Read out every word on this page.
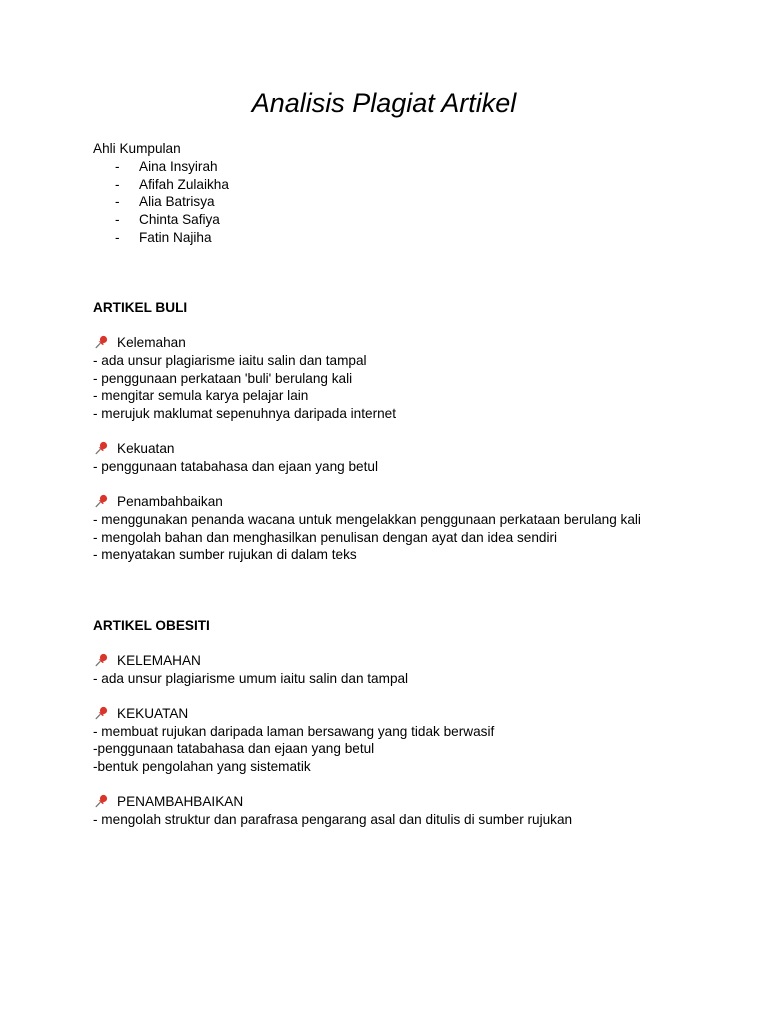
Analisis Plagiat Artikel
Ahli Kumpulan
- Aina Insyirah
- Afifah Zulaikha
- Alia Batrisya
- Chinta Safiya
- Fatin Najiha
ARTIKEL BULI
Kelemahan
- ada unsur plagiarisme iaitu salin dan tampal
- penggunaan perkataan 'buli' berulang kali
- mengitar semula karya pelajar lain
- merujuk maklumat sepenuhnya daripada internet
Kekuatan
- penggunaan tatabahasa dan ejaan yang betul
Penambahbaikan
- menggunakan penanda wacana untuk mengelakkan penggunaan perkataan berulang kali
- mengolah bahan dan menghasilkan penulisan dengan ayat dan idea sendiri
- menyatakan sumber rujukan di dalam teks
ARTIKEL OBESITI
KELEMAHAN
- ada unsur plagiarisme umum iaitu salin dan tampal
KEKUATAN
- membuat rujukan daripada laman bersawang yang tidak berwasif
-penggunaan tatabahasa dan ejaan yang betul
-bentuk pengolahan yang sistematik
PENAMBAHBAIKAN
- mengolah struktur dan parafrasa pengarang asal dan ditulis di sumber rujukan
